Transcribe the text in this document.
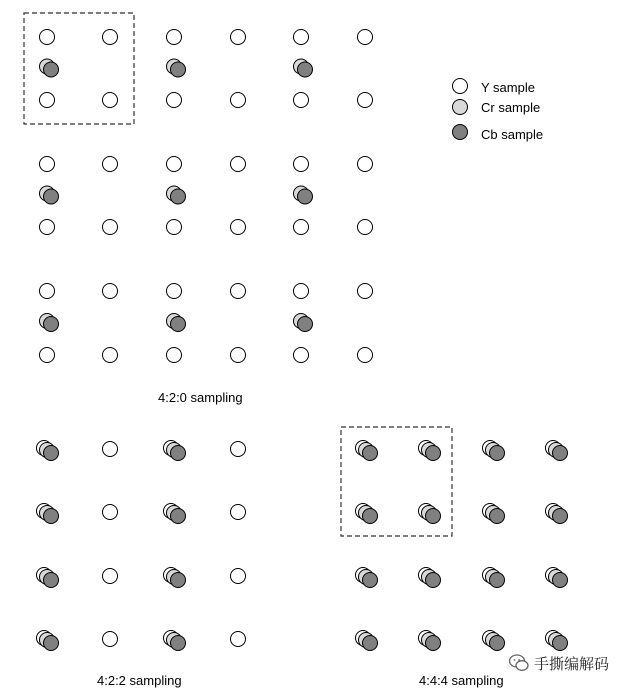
Y sample
Cr sample
Cb sample
4:2:0 sampling
4:2:2 sampling	4:4:4 sampling
手撕编解码
